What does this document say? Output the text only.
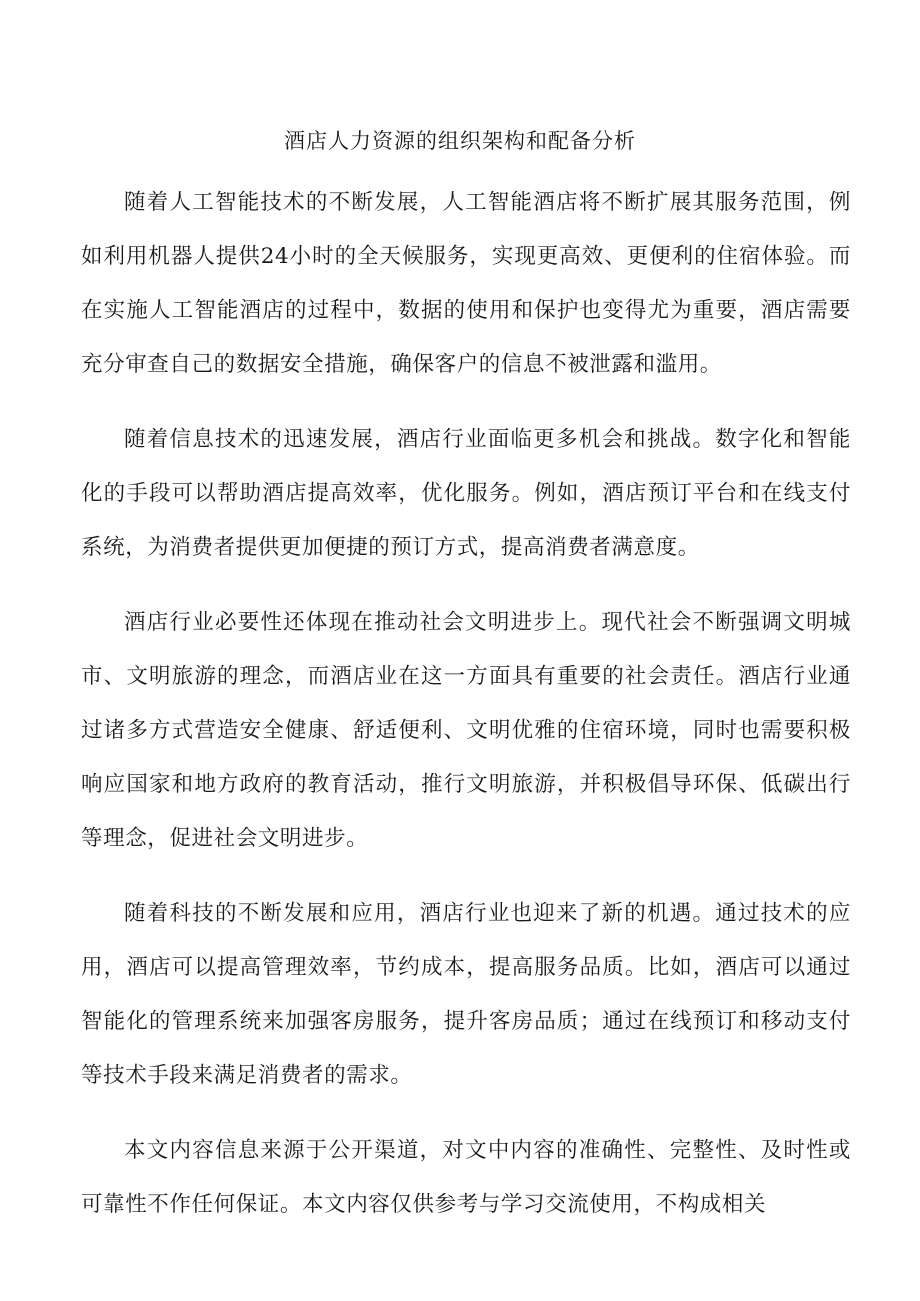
酒店人力资源的组织架构和配备分析

随着人工智能技术的不断发展，人工智能酒店将不断扩展其服务范围，例如利用机器人提供24小时的全天候服务，实现更高效、更便利的住宿体验。而在实施人工智能酒店的过程中，数据的使用和保护也变得尤为重要，酒店需要充分审查自己的数据安全措施，确保客户的信息不被泄露和滥用。

随着信息技术的迅速发展，酒店行业面临更多机会和挑战。数字化和智能化的手段可以帮助酒店提高效率，优化服务。例如，酒店预订平台和在线支付系统，为消费者提供更加便捷的预订方式，提高消费者满意度。

酒店行业必要性还体现在推动社会文明进步上。现代社会不断强调文明城市、文明旅游的理念，而酒店业在这一方面具有重要的社会责任。酒店行业通过诸多方式营造安全健康、舒适便利、文明优雅的住宿环境，同时也需要积极响应国家和地方政府的教育活动，推行文明旅游，并积极倡导环保、低碳出行等理念，促进社会文明进步。

随着科技的不断发展和应用，酒店行业也迎来了新的机遇。通过技术的应用，酒店可以提高管理效率，节约成本，提高服务品质。比如，酒店可以通过智能化的管理系统来加强客房服务，提升客房品质；通过在线预订和移动支付等技术手段来满足消费者的需求。

本文内容信息来源于公开渠道，对文中内容的准确性、完整性、及时性或可靠性不作任何保证。本文内容仅供参考与学习交流使用，不构成相关
